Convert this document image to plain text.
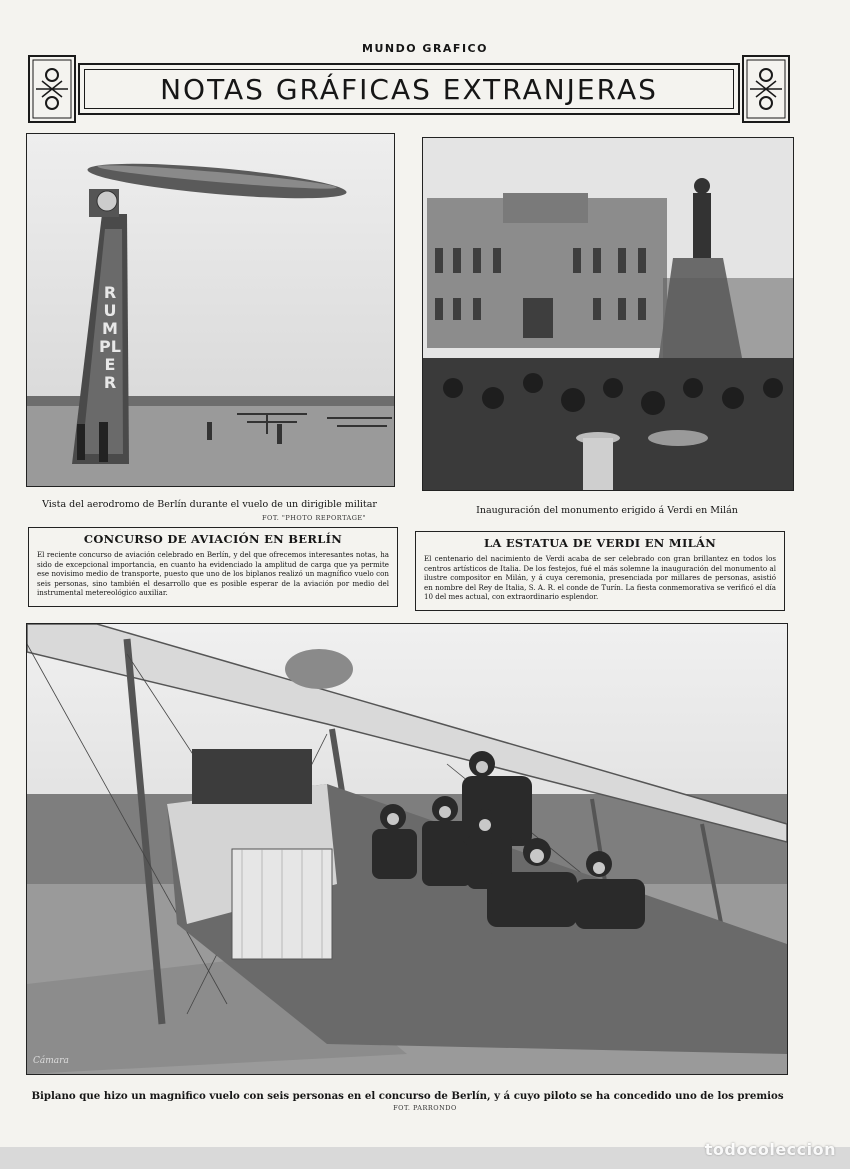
MUNDO GRAFICO
NOTAS GRÁFICAS EXTRANJERAS
RUMPLER
Vista del aerodromo de Berlín durante el vuelo de un dirigible militar
FOT. "PHOTO REPORTAGE"
Inauguración del monumento erigido á Verdi en Milán
CONCURSO DE AVIACIÓN EN BERLÍN

El reciente concurso de aviación celebrado en Berlín, y del que ofrecemos interesantes notas, ha sido de excepcional importancia, en cuanto ha evidenciado la amplitud de carga que ya permite ese novisimo medio de transporte, puesto que uno de los biplanos realizó un magnífico vuelo con seis personas, sino también el desarrollo que es posible esperar de la aviación por medio del instrumental metereológico auxiliar.

LA ESTATUA DE VERDI EN MILÁN

El centenario del nacimiento de Verdi acaba de ser celebrado con gran brillantez en todos los centros artísticos de Italia. De los festejos, fué el más solemne la inauguración del monumento al ilustre compositor en Milán, y á cuya ceremonia, presenciada por millares de personas, asistió en nombre del Rey de Italia, S. A. R. el conde de Turín. La fiesta conmemorativa se verificó el día 10 del mes actual, con extraordinario esplendor.

Cámara
Biplano que hizo un magnifico vuelo con seis personas en el concurso de Berlín, y á cuyo piloto se ha concedido uno de los premios
FOT. PARRONDO
todocoleccion
